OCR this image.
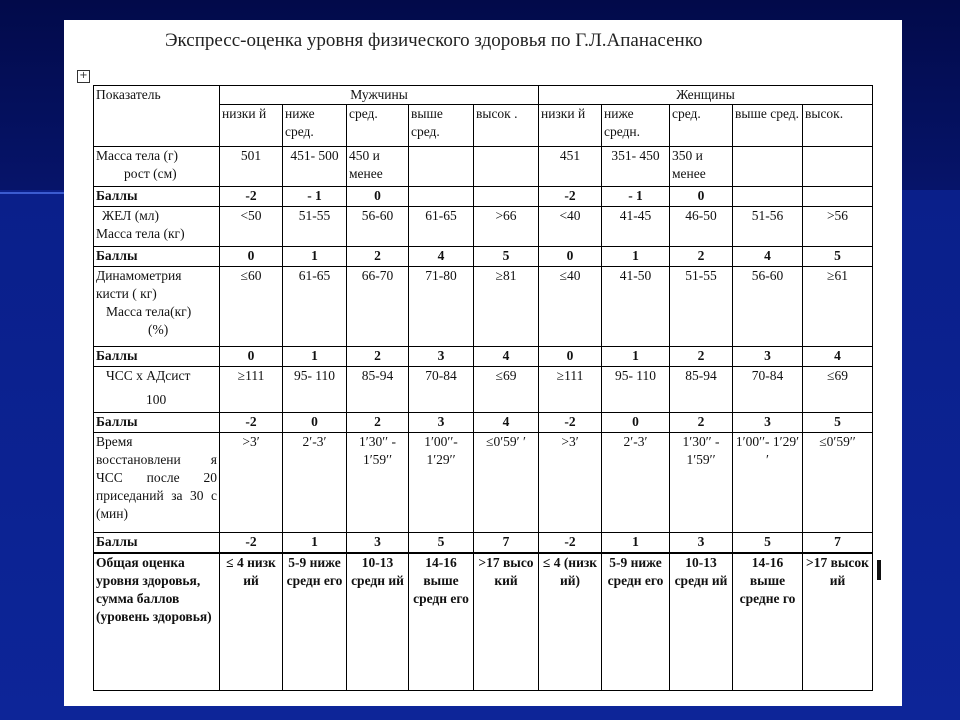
Экспресс-оценка уровня физического здоровья по Г.Л.Апанасенко
+
Показатель	Мужчины					Женщины				
	низки й	ниже сред.	сред.	выше сред.	высок .	низки й	ниже средн.	сред.	выше сред.	высок.

Масса тела (г)
рост (см)	501	451- 500	450 и менее			451	351- 450	350 и менее		
Баллы	-2	- 1	0			-2	- 1	0		

ЖЕЛ (мл)
Масса тела (кг)	<50	51-55	56-60	61-65	>66	<40	41-45	46-50	51-56	>56
Баллы	0	1	2	4	5	0	1	2	4	5

Динамометрия кисти ( кг)
Масса тела(кг)
(%)	≤60	61-65	66-70	71-80	≥81	≤40	41-50	51-55	56-60	≥61
Баллы	0	1	2	3	4	0	1	2	3	4

ЧСС х АДсист
100	≥111	95- 110	85-94	70-84	≤69	≥111	95- 110	85-94	70-84	≤69
Баллы	-2	0	2	3	4	-2	0	2	3	5
Время восстановлени я ЧСС после 20 приседаний за 30 с (мин)	>3′	2′-3′	1′30′′ - 1′59′′	1′00′′- 1′29′′	≤0′59′ ′	>3′	2′-3′	1′30′′ - 1′59′′	1′00′′- 1′29′′	≤0′59′′
Баллы	-2	1	3	5	7	-2	1	3	5	7
Общая оценка уровня здоровья, сумма баллов (уровень здоровья)	≤ 4 низк ий	5-9 ниже средн его	10-13 средн ий	14-16 выше средн его	>17 высо кий	≤ 4 (низк ий)	5-9 ниже средн его	10-13 средн ий	14-16 выше средне го	>17 высок ий
